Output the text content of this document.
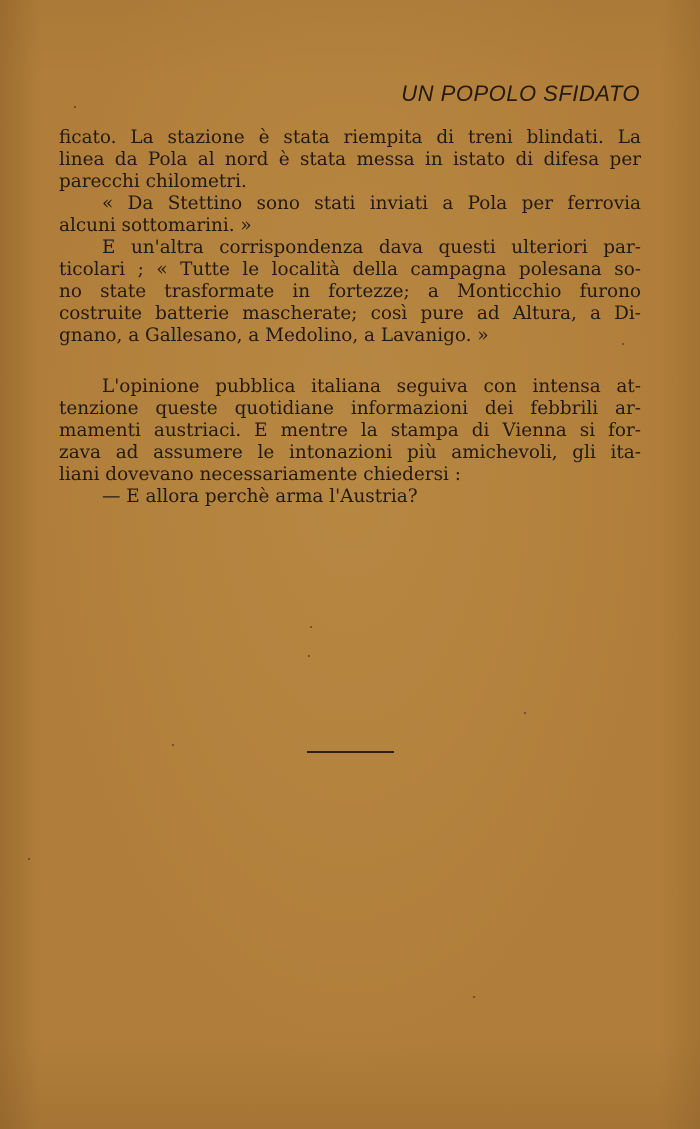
UN POPOLO SFIDATO
ficato. La stazione è stata riempita di treni blindati. La
linea da Pola al nord è stata messa in istato di difesa per
parecchi chilometri.
« Da Stettino sono stati inviati a Pola per ferrovia
alcuni sottomarini. »
E un'altra corrispondenza dava questi ulteriori par-
ticolari ; « Tutte le località della campagna polesana so-
no state trasformate in fortezze; a Monticchio furono
costruite batterie mascherate; così pure ad Altura, a Di-
gnano, a Gallesano, a Medolino, a Lavanigo. »
L'opinione pubblica italiana seguiva con intensa at-
tenzione queste quotidiane informazioni dei febbrili ar-
mamenti austriaci. E mentre la stampa di Vienna si for-
zava ad assumere le intonazioni più amichevoli, gli ita-
liani dovevano necessariamente chiedersi :
— E allora perchè arma l'Austria?
